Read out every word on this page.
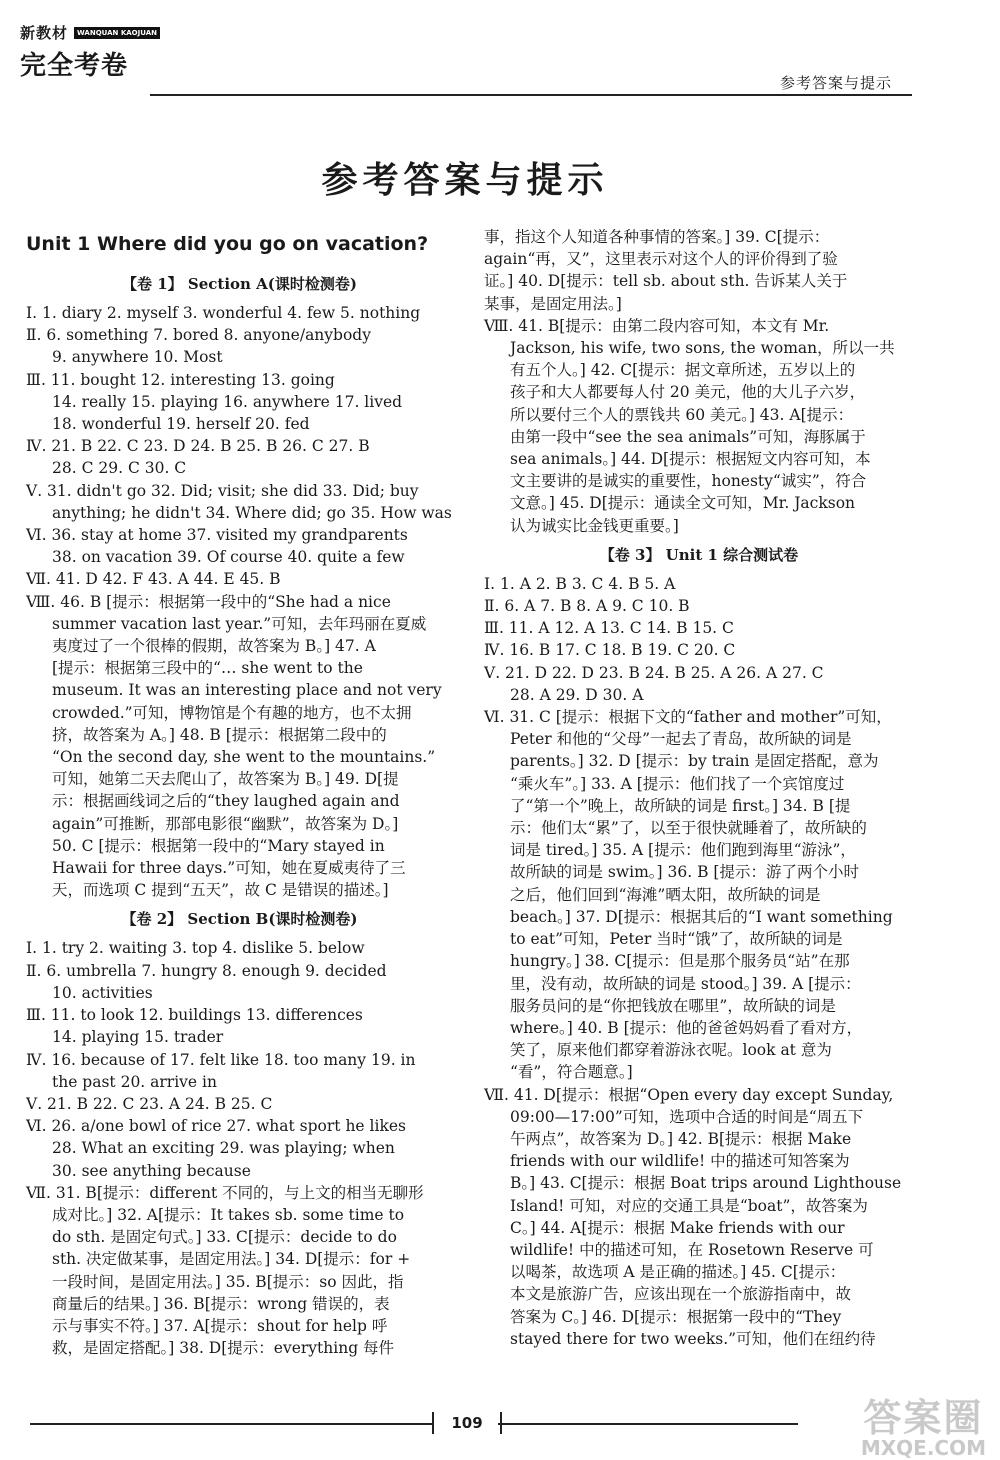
新教材	WANQUAN KAOJUAN
完全考卷
参考答案与提示
参考答案与提示
Unit 1 Where did you go on vacation?
【卷 1】 Section A(课时检测卷)
Ⅰ. 1. diary 2. myself 3. wonderful 4. few 5. nothing
Ⅱ. 6. something 7. bored 8. anyone/anybody
9. anywhere 10. Most
Ⅲ. 11. bought 12. interesting 13. going
14. really 15. playing 16. anywhere 17. lived
18. wonderful 19. herself 20. fed
Ⅳ. 21. B 22. C 23. D 24. B 25. B 26. C 27. B
28. C 29. C 30. C
Ⅴ. 31. didn't go 32. Did; visit; she did 33. Did; buy
anything; he didn't 34. Where did; go 35. How was
Ⅵ. 36. stay at home 37. visited my grandparents
38. on vacation 39. Of course 40. quite a few
Ⅶ. 41. D 42. F 43. A 44. E 45. B
Ⅷ. 46. B [提示：根据第一段中的“She had a nice
summer vacation last year.”可知，去年玛丽在夏威
夷度过了一个很棒的假期，故答案为 B。] 47. A
[提示：根据第三段中的“… she went to the
museum. It was an interesting place and not very
crowded.”可知，博物馆是个有趣的地方，也不太拥
挤，故答案为 A。] 48. B [提示：根据第二段中的
“On the second day, she went to the mountains.”
可知，她第二天去爬山了，故答案为 B。] 49. D[提
示：根据画线词之后的“they laughed again and
again”可推断，那部电影很“幽默”，故答案为 D。]
50. C [提示：根据第一段中的“Mary stayed in
Hawaii for three days.”可知，她在夏威夷待了三
天，而选项 C 提到“五天”，故 C 是错误的描述。]
【卷 2】 Section B(课时检测卷)
Ⅰ. 1. try 2. waiting 3. top 4. dislike 5. below
Ⅱ. 6. umbrella 7. hungry 8. enough 9. decided
10. activities
Ⅲ. 11. to look 12. buildings 13. differences
14. playing 15. trader
Ⅳ. 16. because of 17. felt like 18. too many 19. in
the past 20. arrive in
Ⅴ. 21. B 22. C 23. A 24. B 25. C
Ⅵ. 26. a/one bowl of rice 27. what sport he likes
28. What an exciting 29. was playing; when
30. see anything because
Ⅶ. 31. B[提示：different 不同的，与上文的相当无聊形
成对比。] 32. A[提示：It takes sb. some time to
do sth. 是固定句式。] 33. C[提示：decide to do
sth. 决定做某事，是固定用法。] 34. D[提示：for +
一段时间，是固定用法。] 35. B[提示：so 因此，指
商量后的结果。] 36. B[提示：wrong 错误的，表
示与事实不符。] 37. A[提示：shout for help 呼
救，是固定搭配。] 38. D[提示：everything 每件
事，指这个人知道各种事情的答案。] 39. C[提示：
again“再，又”，这里表示对这个人的评价得到了验
证。] 40. D[提示：tell sb. about sth. 告诉某人关于
某事，是固定用法。]
Ⅷ. 41. B[提示：由第二段内容可知，本文有 Mr.
Jackson, his wife, two sons, the woman，所以一共
有五个人。] 42. C[提示：据文章所述，五岁以上的
孩子和大人都要每人付 20 美元，他的大儿子六岁，
所以要付三个人的票钱共 60 美元。] 43. A[提示：
由第一段中“see the sea animals”可知，海豚属于
sea animals。] 44. D[提示：根据短文内容可知，本
文主要讲的是诚实的重要性，honesty“诚实”，符合
文意。] 45. D[提示：通读全文可知，Mr. Jackson
认为诚实比金钱更重要。]
【卷 3】 Unit 1 综合测试卷
Ⅰ. 1. A 2. B 3. C 4. B 5. A
Ⅱ. 6. A 7. B 8. A 9. C 10. B
Ⅲ. 11. A 12. A 13. C 14. B 15. C
Ⅳ. 16. B 17. C 18. B 19. C 20. C
Ⅴ. 21. D 22. D 23. B 24. B 25. A 26. A 27. C
28. A 29. D 30. A
Ⅵ. 31. C [提示：根据下文的“father and mother”可知，
Peter 和他的“父母”一起去了青岛，故所缺的词是
parents。] 32. D [提示：by train 是固定搭配，意为
“乘火车”。] 33. A [提示：他们找了一个宾馆度过
了“第一个”晚上，故所缺的词是 first。] 34. B [提
示：他们太“累”了，以至于很快就睡着了，故所缺的
词是 tired。] 35. A [提示：他们跑到海里“游泳”，
故所缺的词是 swim。] 36. B [提示：游了两个小时
之后，他们回到“海滩”晒太阳，故所缺的词是
beach。] 37. D[提示：根据其后的“I want something
to eat”可知，Peter 当时“饿”了，故所缺的词是
hungry。] 38. C[提示：但是那个服务员“站”在那
里，没有动，故所缺的词是 stood。] 39. A [提示：
服务员问的是“你把钱放在哪里”，故所缺的词是
where。] 40. B [提示：他的爸爸妈妈看了看对方，
笑了，原来他们都穿着游泳衣呢。look at 意为
“看”，符合题意。]
Ⅶ. 41. D[提示：根据“Open every day except Sunday,
09:00—17:00”可知，选项中合适的时间是“周五下
午两点”，故答案为 D。] 42. B[提示：根据 Make
friends with our wildlife! 中的描述可知答案为
B。] 43. C[提示：根据 Boat trips around Lighthouse
Island! 可知，对应的交通工具是“boat”，故答案为
C。] 44. A[提示：根据 Make friends with our
wildlife! 中的描述可知，在 Rosetown Reserve 可
以喝茶，故选项 A 是正确的描述。] 45. C[提示：
本文是旅游广告，应该出现在一个旅游指南中，故
答案为 C。] 46. D[提示：根据第一段中的“They
stayed there for two weeks.”可知，他们在纽约待
109	答案圈
MXQE.COM
